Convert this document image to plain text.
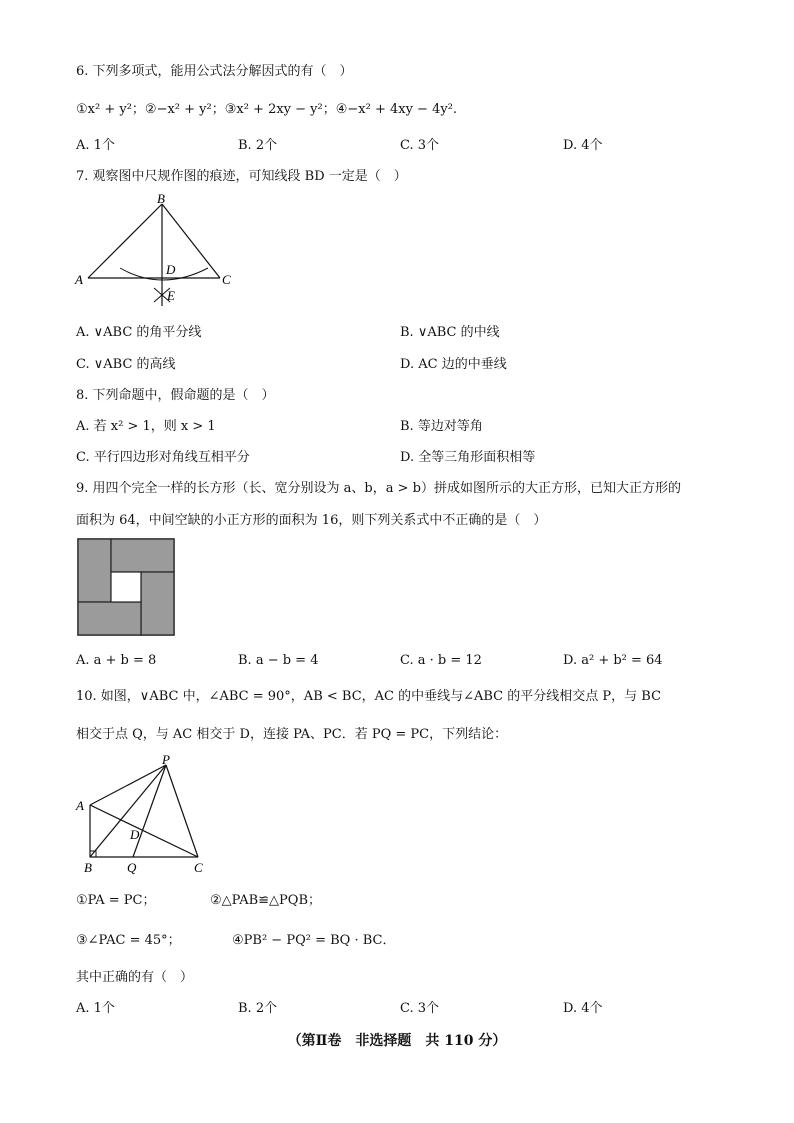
6. 下列多项式，能用公式法分解因式的有（　）
①x² + y²；②−x² + y²；③x² + 2xy − y²；④−x² + 4xy − 4y².
A. 1个	B. 2个	C. 3个	D. 4个
7. 观察图中尺规作图的痕迹，可知线段 BD 一定是（　）
B
A	C
D
E
A. ∨ABC 的角平分线	B. ∨ABC 的中线
C. ∨ABC 的高线	D. AC 边的中垂线
8. 下列命题中，假命题的是（　）
A. 若 x² > 1，则 x > 1	B. 等边对等角
C. 平行四边形对角线互相平分	D. 全等三角形面积相等
9. 用四个完全一样的长方形（长、宽分别设为 a、b，a > b）拼成如图所示的大正方形，已知大正方形的
面积为 64，中间空缺的小正方形的面积为 16，则下列关系式中不正确的是（　）
A. a + b = 8	B. a − b = 4	C. a · b = 12	D. a² + b² = 64
10. 如图，∨ABC 中，∠ABC = 90°，AB < BC，AC 的中垂线与∠ABC 的平分线相交点 P，与 BC
相交于点 Q，与 AC 相交于 D，连接 PA、PC．若 PQ = PC，下列结论：
P
A
D
B	Q	C
①PA = PC；	②△PAB≌△PQB；
③∠PAC = 45°；	④PB² − PQ² = BQ · BC．
其中正确的有（　）
A. 1个	B. 2个	C. 3个	D. 4个
（第Ⅱ卷　非选择题　共 110 分）
